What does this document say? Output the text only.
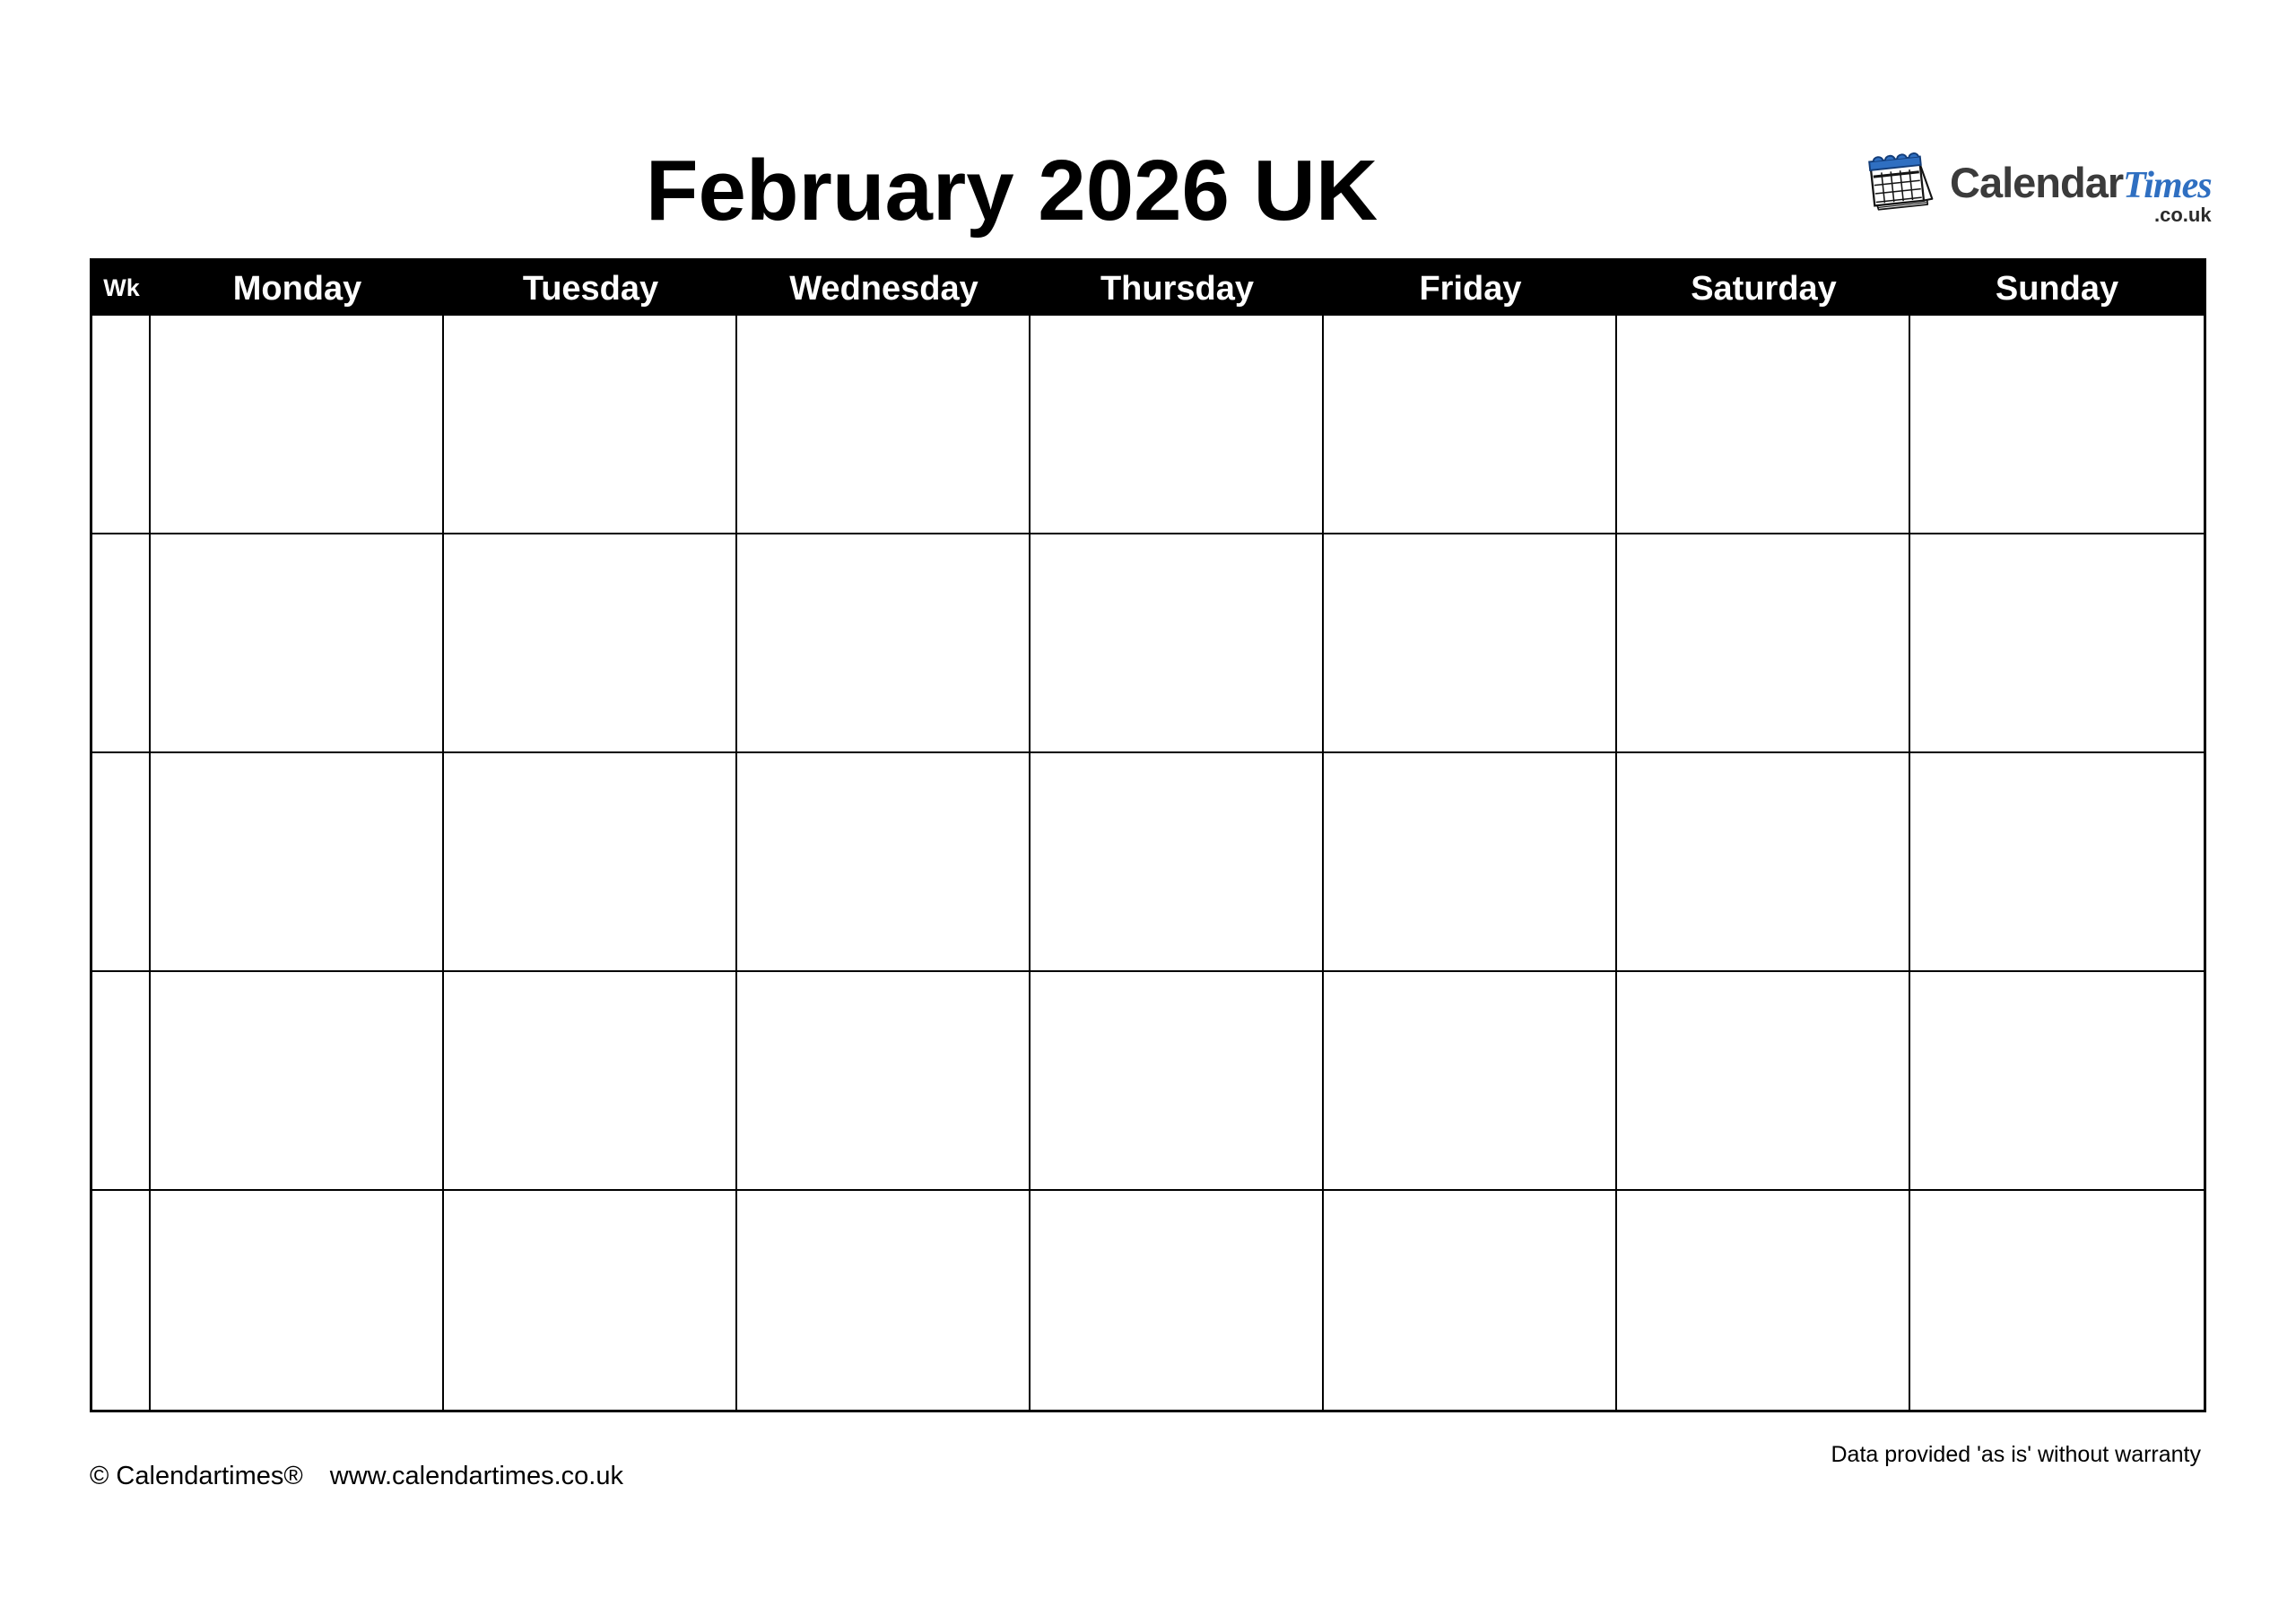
February 2026 UK	Calendar Times
.co.uk
Wk	Monday	Tuesday	Wednesday	Thursday	Friday	Saturday	Sunday
© Calendartimes® www.calendartimes.co.uk
Data provided 'as is' without warranty
